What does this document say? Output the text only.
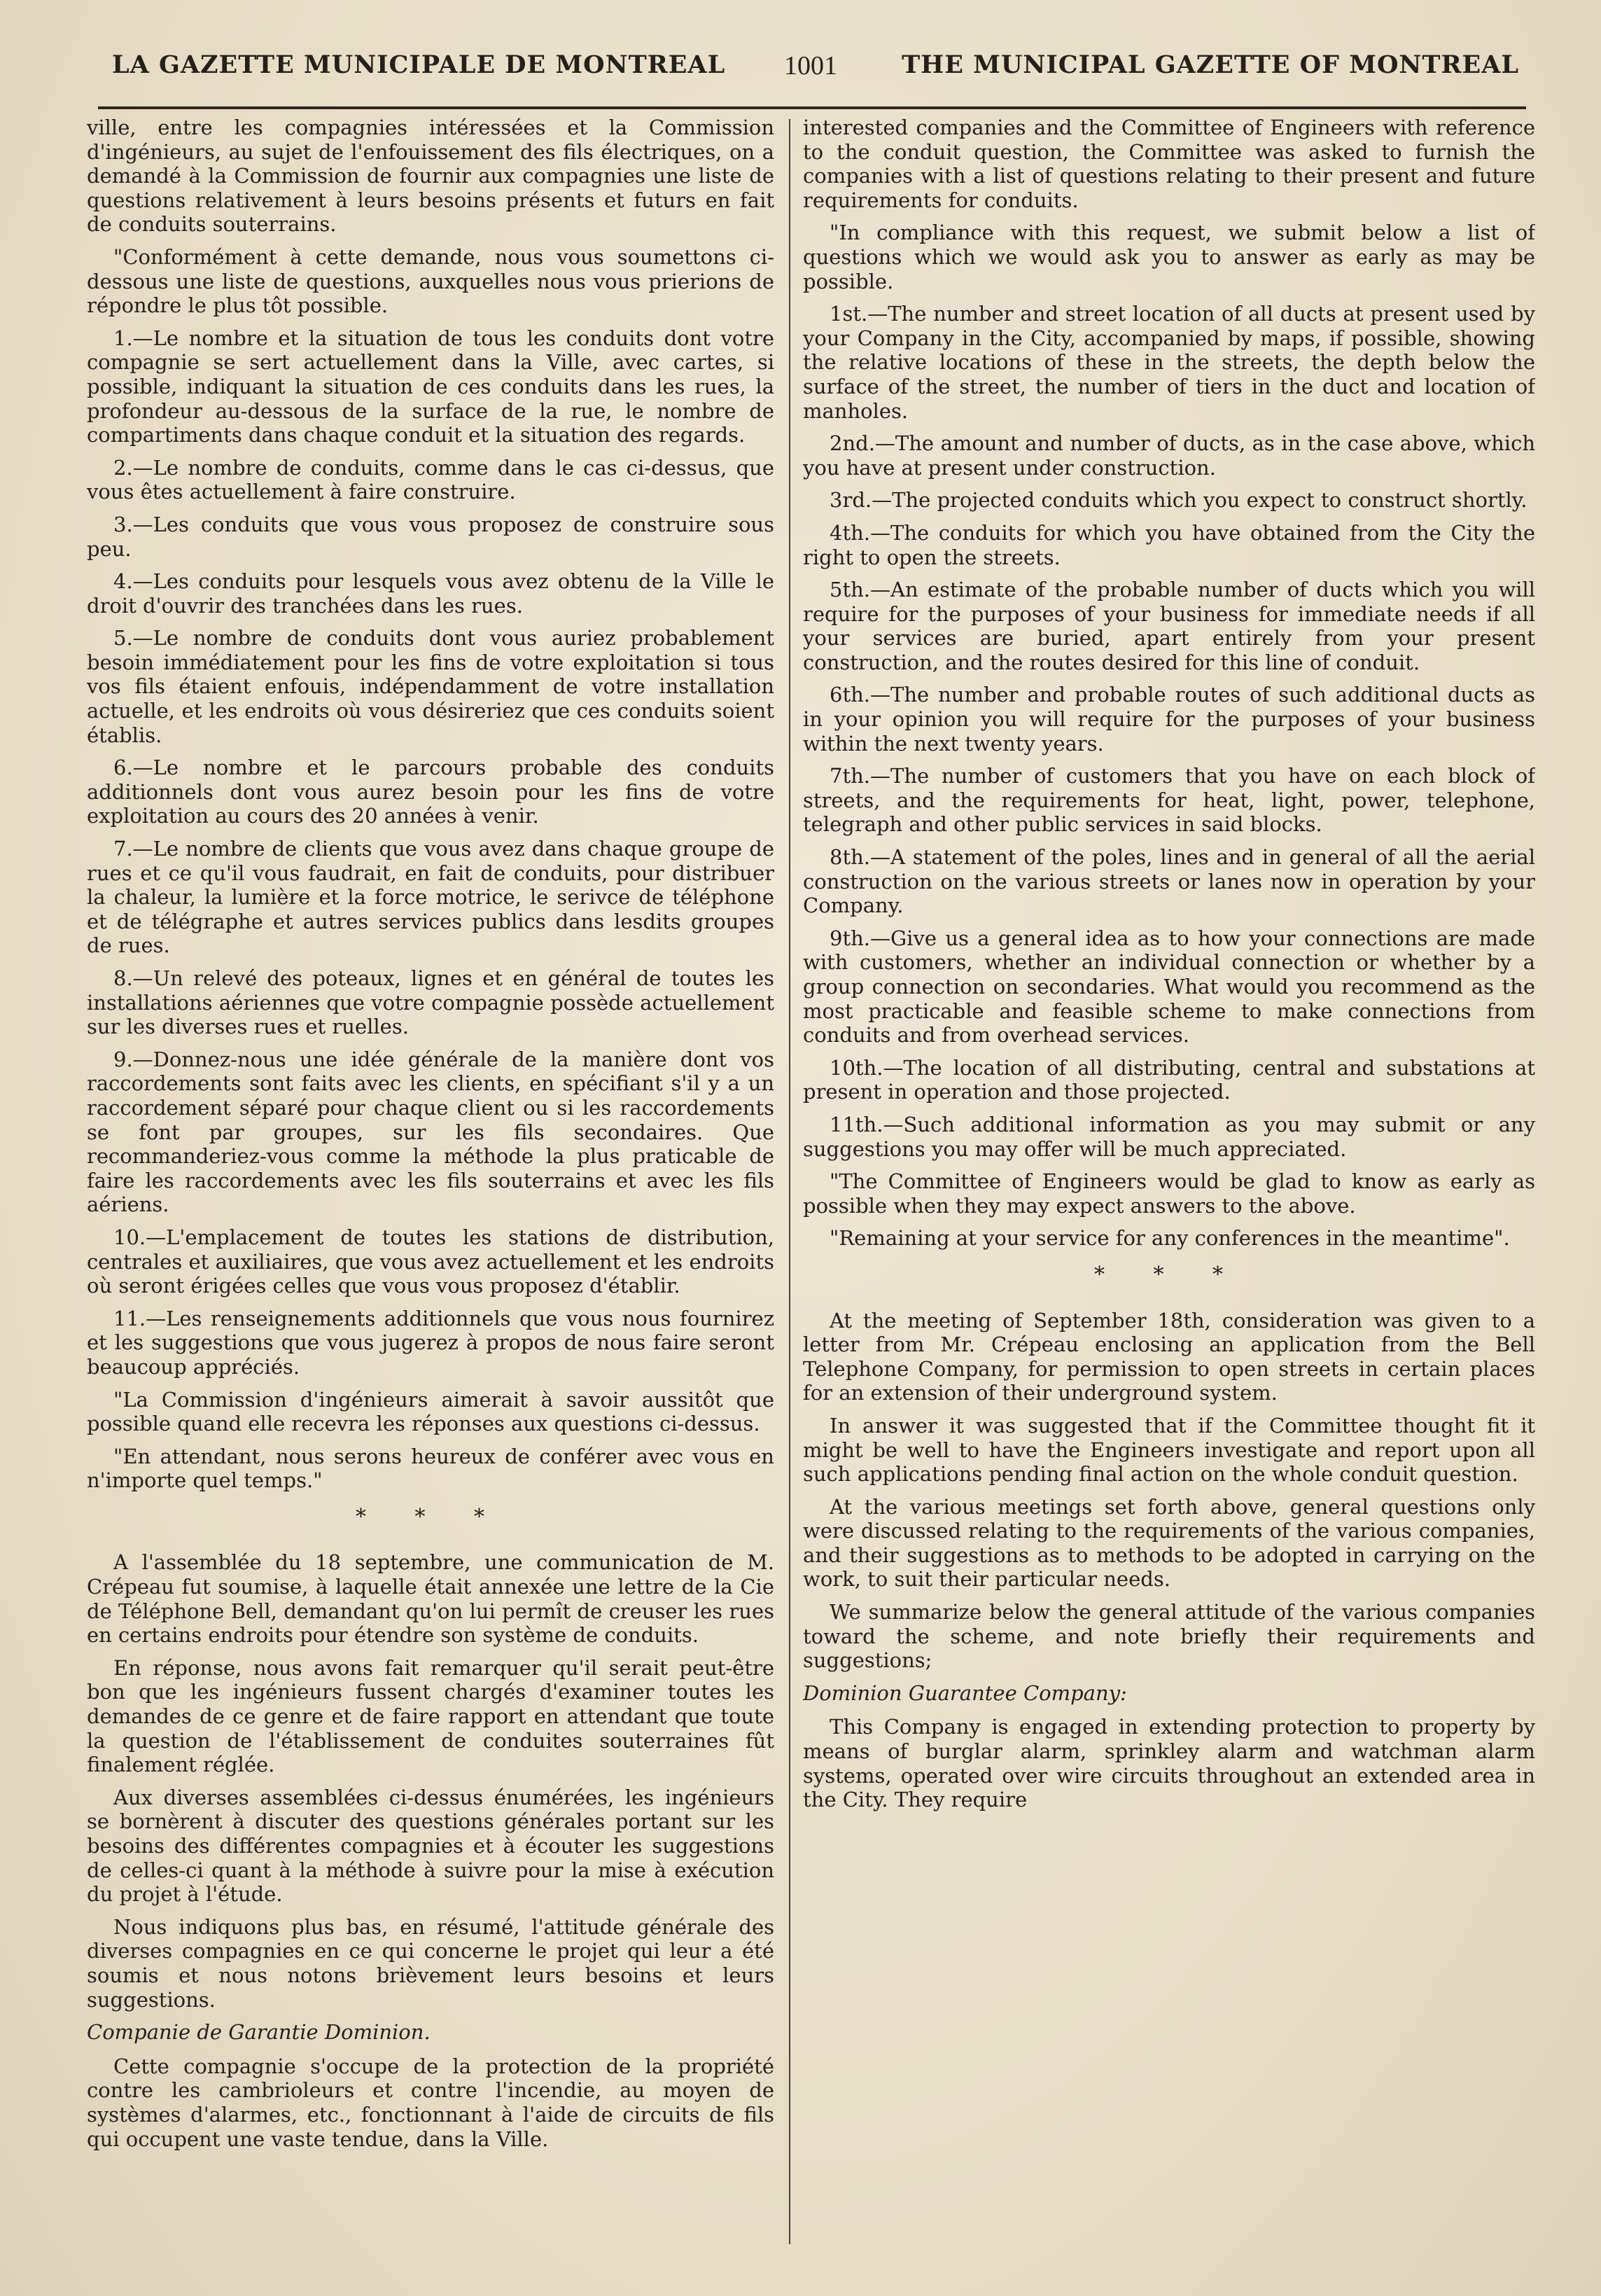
LA GAZETTE MUNICIPALE DE MONTREAL 1001	THE MUNICIPAL GAZETTE OF MONTREAL

ville, entre les compagnies intéressées et la Commission d'ingénieurs, au sujet de l'enfouissement des fils électriques, on a demandé à la Commission de fournir aux compagnies une liste de questions relativement à leurs besoins présents et futurs en fait de conduits souterrains.

"Conformément à cette demande, nous vous soumettons ci-dessous une liste de questions, auxquelles nous vous prierions de répondre le plus tôt possible.

1.—Le nombre et la situation de tous les conduits dont votre compagnie se sert actuellement dans la Ville, avec cartes, si possible, indiquant la situation de ces conduits dans les rues, la profondeur au-dessous de la surface de la rue, le nombre de compartiments dans chaque conduit et la situation des regards.

2.—Le nombre de conduits, comme dans le cas ci-dessus, que vous êtes actuellement à faire construire.

3.—Les conduits que vous vous proposez de construire sous peu.

4.—Les conduits pour lesquels vous avez obtenu de la Ville le droit d'ouvrir des tranchées dans les rues.

5.—Le nombre de conduits dont vous auriez probablement besoin immédiatement pour les fins de votre exploitation si tous vos fils étaient enfouis, indépendamment de votre installation actuelle, et les endroits où vous désireriez que ces conduits soient établis.

6.—Le nombre et le parcours probable des conduits additionnels dont vous aurez besoin pour les fins de votre exploitation au cours des 20 années à venir.

7.—Le nombre de clients que vous avez dans chaque groupe de rues et ce qu'il vous faudrait, en fait de conduits, pour distribuer la chaleur, la lumière et la force motrice, le serivce de téléphone et de télégraphe et autres services publics dans lesdits groupes de rues.

8.—Un relevé des poteaux, lignes et en général de toutes les installations aériennes que votre compagnie possède actuellement sur les diverses rues et ruelles.

9.—Donnez-nous une idée générale de la manière dont vos raccordements sont faits avec les clients, en spécifiant s'il y a un raccordement séparé pour chaque client ou si les raccordements se font par groupes, sur les fils secondaires. Que recommanderiez-vous comme la méthode la plus praticable de faire les raccordements avec les fils souterrains et avec les fils aériens.

10.—L'emplacement de toutes les stations de distribution, centrales et auxiliaires, que vous avez actuellement et les endroits où seront érigées celles que vous vous proposez d'établir.

11.—Les renseignements additionnels que vous nous fournirez et les suggestions que vous jugerez à propos de nous faire seront beaucoup appréciés.

"La Commission d'ingénieurs aimerait à savoir aussitôt que possible quand elle recevra les réponses aux questions ci-dessus.

"En attendant, nous serons heureux de conférer avec vous en n'importe quel temps."

* * *

A l'assemblée du 18 septembre, une communication de M. Crépeau fut soumise, à laquelle était annexée une lettre de la Cie de Téléphone Bell, demandant qu'on lui permît de creuser les rues en certains endroits pour étendre son système de conduits.

En réponse, nous avons fait remarquer qu'il serait peut-être bon que les ingénieurs fussent chargés d'examiner toutes les demandes de ce genre et de faire rapport en attendant que toute la question de l'établissement de conduites souterraines fût finalement réglée.

Aux diverses assemblées ci-dessus énumérées, les ingénieurs se bornèrent à discuter des questions générales portant sur les besoins des différentes compagnies et à écouter les suggestions de celles-ci quant à la méthode à suivre pour la mise à exécution du projet à l'étude.

Nous indiquons plus bas, en résumé, l'attitude générale des diverses compagnies en ce qui concerne le projet qui leur a été soumis et nous notons brièvement leurs besoins et leurs suggestions.

Companie de Garantie Dominion.

Cette compagnie s'occupe de la protection de la propriété contre les cambrioleurs et contre l'incendie, au moyen de systèmes d'alarmes, etc., fonctionnant à l'aide de circuits de fils qui occupent une vaste tendue, dans la Ville.

interested companies and the Committee of Engineers with reference to the conduit question, the Committee was asked to furnish the companies with a list of questions relating to their present and future requirements for conduits.

"In compliance with this request, we submit below a list of questions which we would ask you to answer as early as may be possible.

1st.—The number and street location of all ducts at present used by your Company in the City, accompanied by maps, if possible, showing the relative locations of these in the streets, the depth below the surface of the street, the number of tiers in the duct and location of manholes.

2nd.—The amount and number of ducts, as in the case above, which you have at present under construction.

3rd.—The projected conduits which you expect to construct shortly.

4th.—The conduits for which you have obtained from the City the right to open the streets.

5th.—An estimate of the probable number of ducts which you will require for the purposes of your business for immediate needs if all your services are buried, apart entirely from your present construction, and the routes desired for this line of conduit.

6th.—The number and probable routes of such additional ducts as in your opinion you will require for the purposes of your business within the next twenty years.

7th.—The number of customers that you have on each block of streets, and the requirements for heat, light, power, telephone, telegraph and other public services in said blocks.

8th.—A statement of the poles, lines and in general of all the aerial construction on the various streets or lanes now in operation by your Company.

9th.—Give us a general idea as to how your connections are made with customers, whether an individual connection or whether by a group connection on secondaries. What would you recommend as the most practicable and feasible scheme to make connections from conduits and from overhead services.

10th.—The location of all distributing, central and substations at present in operation and those projected.

11th.—Such additional information as you may submit or any suggestions you may offer will be much appreciated.

"The Committee of Engineers would be glad to know as early as possible when they may expect answers to the above.

"Remaining at your service for any conferences in the meantime".

* * *

At the meeting of September 18th, consideration was given to a letter from Mr. Crépeau enclosing an application from the Bell Telephone Company, for permission to open streets in certain places for an extension of their underground system.

In answer it was suggested that if the Committee thought fit it might be well to have the Engineers investigate and report upon all such applications pending final action on the whole conduit question.

At the various meetings set forth above, general questions only were discussed relating to the requirements of the various companies, and their suggestions as to methods to be adopted in carrying on the work, to suit their particular needs.

We summarize below the general attitude of the various companies toward the scheme, and note briefly their requirements and suggestions;

Dominion Guarantee Company:

This Company is engaged in extending protection to property by means of burglar alarm, sprinkley alarm and watchman alarm systems, operated over wire circuits throughout an extended area in the City. They require
